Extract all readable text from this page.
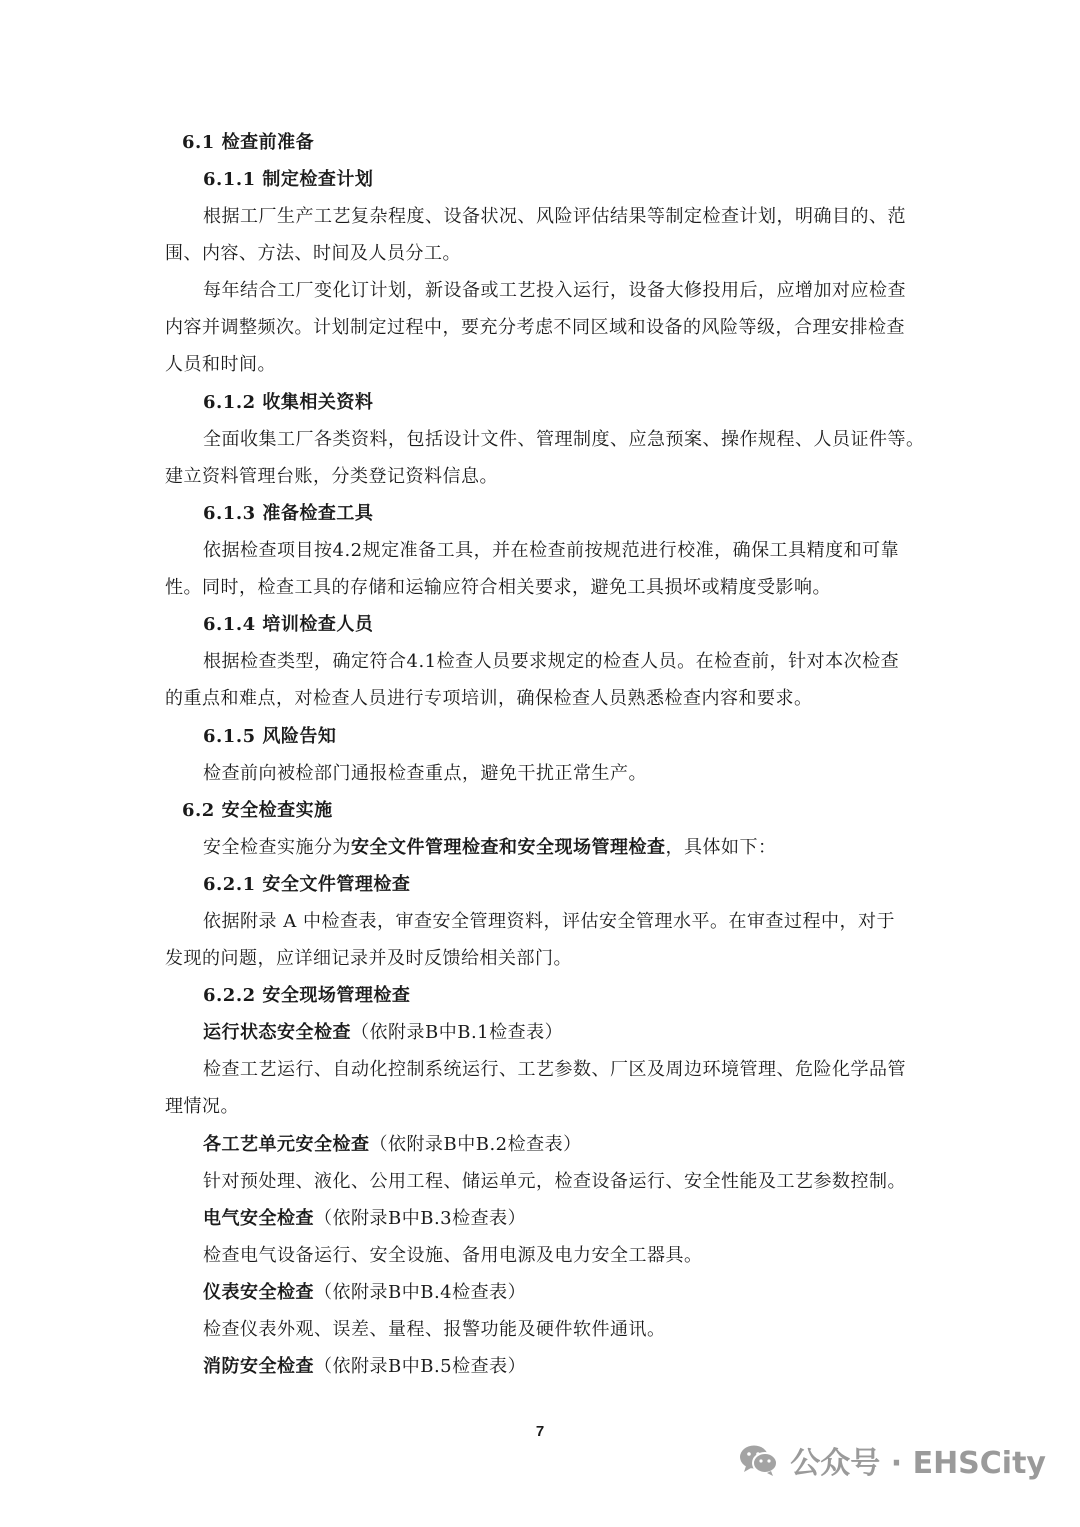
6.1 检查前准备
6.1.1 制定检查计划
根据工厂生产工艺复杂程度、设备状况、风险评估结果等制定检查计划，明确目的、范
围、内容、方法、时间及人员分工。
每年结合工厂变化订计划，新设备或工艺投入运行，设备大修投用后，应增加对应检查
内容并调整频次。计划制定过程中，要充分考虑不同区域和设备的风险等级，合理安排检查
人员和时间。
6.1.2 收集相关资料
全面收集工厂各类资料，包括设计文件、管理制度、应急预案、操作规程、人员证件等。
建立资料管理台账，分类登记资料信息。
6.1.3 准备检查工具
依据检查项目按4.2规定准备工具，并在检查前按规范进行校准，确保工具精度和可靠
性。同时，检查工具的存储和运输应符合相关要求，避免工具损坏或精度受影响。
6.1.4 培训检查人员
根据检查类型，确定符合4.1检查人员要求规定的检查人员。在检查前，针对本次检查
的重点和难点，对检查人员进行专项培训，确保检查人员熟悉检查内容和要求。
6.1.5 风险告知
检查前向被检部门通报检查重点，避免干扰正常生产。
6.2 安全检查实施
安全检查实施分为安全文件管理检查和安全现场管理检查，具体如下：
6.2.1 安全文件管理检查
依据附录 A 中检查表，审查安全管理资料，评估安全管理水平。在审查过程中，对于
发现的问题，应详细记录并及时反馈给相关部门。
6.2.2 安全现场管理检查
运行状态安全检查（依附录B中B.1检查表）
检查工艺运行、自动化控制系统运行、工艺参数、厂区及周边环境管理、危险化学品管
理情况。
各工艺单元安全检查（依附录B中B.2检查表）
针对预处理、液化、公用工程、储运单元，检查设备运行、安全性能及工艺参数控制。
电气安全检查（依附录B中B.3检查表）
检查电气设备运行、安全设施、备用电源及电力安全工器具。
仪表安全检查（依附录B中B.4检查表）
检查仪表外观、误差、量程、报警功能及硬件软件通讯。
消防安全检查（依附录B中B.5检查表）
7
公众号 · EHSCity
